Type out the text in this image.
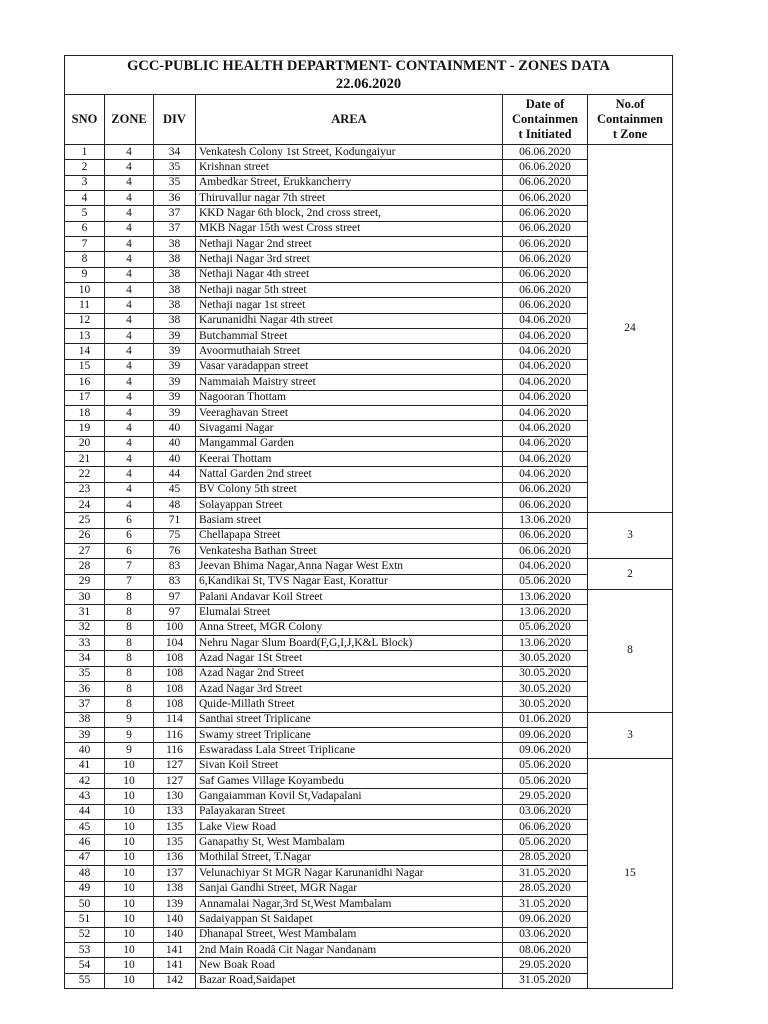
GCC-PUBLIC HEALTH DEPARTMENT- CONTAINMENT - ZONES DATA
22.06.2020					

SNO	ZONE	DIV	AREA	Date of
Containmen
t Initiated	No.of
Containmen
t Zone
1	4	34	Venkatesh Colony 1st Street, Kodungaiyur	06.06.2020	24
2	4	35	Krishnan street	06.06.2020	
3	4	35	Ambedkar Street, Erukkancherry	06.06.2020	
4	4	36	Thiruvallur nagar 7th street	06.06.2020	
5	4	37	KKD Nagar 6th block, 2nd cross street,	06.06.2020	
6	4	37	MKB Nagar 15th west Cross street	06.06.2020	
7	4	38	Nethaji Nagar 2nd street	06.06.2020	
8	4	38	Nethaji Nagar 3rd street	06.06.2020	
9	4	38	Nethaji Nagar 4th street	06.06.2020	
10	4	38	Nethaji nagar 5th street	06.06.2020	
11	4	38	Nethaji nagar 1st street	06.06.2020	
12	4	38	Karunanidhi Nagar 4th street	04.06.2020	
13	4	39	Butchammal Street	04.06.2020	
14	4	39	Avoormuthaiah Street	04.06.2020	
15	4	39	Vasar varadappan street	04.06.2020	
16	4	39	Nammaiah Maistry street	04.06.2020	
17	4	39	Nagooran Thottam	04.06.2020	
18	4	39	Veeraghavan Street	04.06.2020	
19	4	40	Sivagami Nagar	04.06.2020	
20	4	40	Mangammal Garden	04.06.2020	
21	4	40	Keerai Thottam	04.06.2020	
22	4	44	Nattal Garden 2nd street	04.06.2020	
23	4	45	BV Colony 5th street	06.06.2020	
24	4	48	Solayappan Street	06.06.2020	
25	6	71	Basiam street	13.06.2020	3
26	6	75	Chellapapa Street	06.06.2020	
27	6	76	Venkatesha Bathan Street	06.06.2020	
28	7	83	Jeevan Bhima Nagar,Anna Nagar West Extn	04.06.2020	2
29	7	83	6,Kandikai St, TVS Nagar East, Korattur	05.06.2020	
30	8	97	Palani Andavar Koil Street	13.06.2020	8
31	8	97	Elumalai Street	13.06.2020	
32	8	100	Anna Street, MGR Colony	05.06.2020	
33	8	104	Nehru Nagar Slum Board(F,G,I,J,K&L Block)	13.06.2020	
34	8	108	Azad Nagar 1St Street	30.05.2020	
35	8	108	Azad Nagar 2nd Street	30.05.2020	
36	8	108	Azad Nagar 3rd Street	30.05.2020	
37	8	108	Quide-Millath Street	30.05.2020	
38	9	114	Santhai street Triplicane	01.06.2020	3
39	9	116	Swamy street Triplicane	09.06.2020	
40	9	116	Eswaradass Lala Street Triplicane	09.06.2020	
41	10	127	Sivan Koil Street	05.06.2020	15
42	10	127	Saf Games Village Koyambedu	05.06.2020	
43	10	130	Gangaiamman Kovil St,Vadapalani	29.05.2020	
44	10	133	Palayakaran Street	03.06.2020	
45	10	135	Lake View Road	06.06.2020	
46	10	135	Ganapathy St, West Mambalam	05.06.2020	
47	10	136	Mothilal Street, T.Nagar	28.05.2020	
48	10	137	Velunachiyar St MGR Nagar Karunanidhi Nagar	31.05.2020	
49	10	138	Sanjai Gandhi Street, MGR Nagar	28.05.2020	
50	10	139	Annamalai Nagar,3rd St,West Mambalam	31.05.2020	
51	10	140	Sadaiyappan St Saidapet	09.06.2020	
52	10	140	Dhanapal Street, West Mambalam	03.06.2020	
53	10	141	2nd Main Roadâ Cit Nagar Nandanam	08.06.2020	
54	10	141	New Boak Road	29.05.2020	
55	10	142	Bazar Road,Saidapet	31.05.2020	
